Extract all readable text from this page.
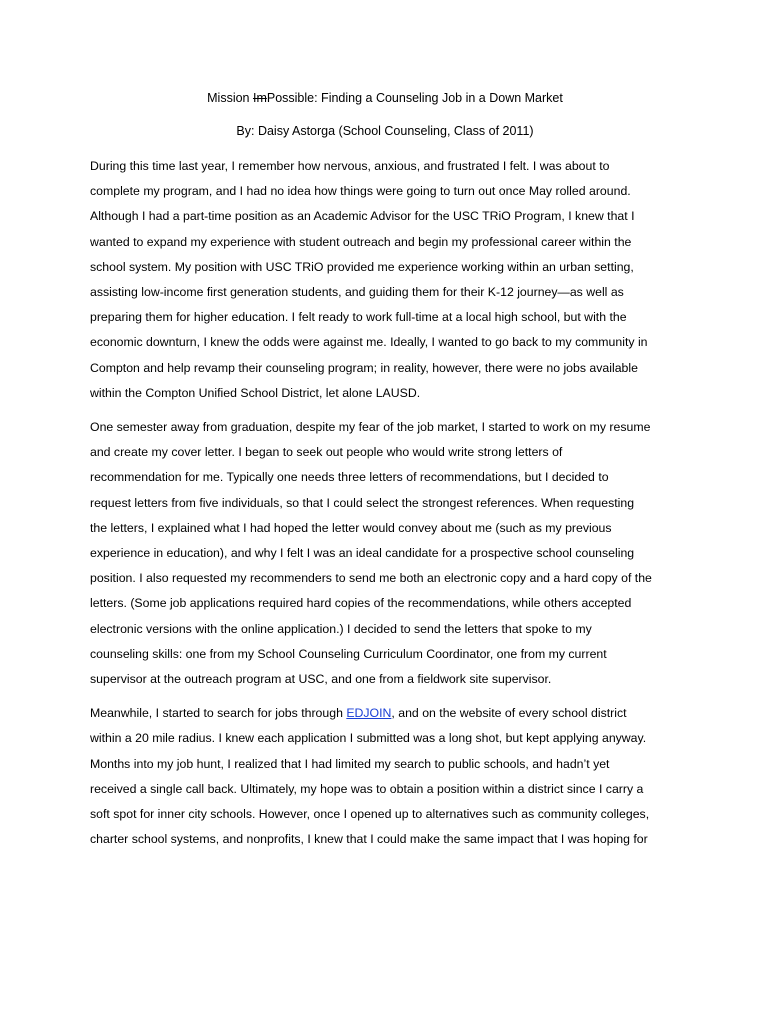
Mission ImPossible: Finding a Counseling Job in a Down Market
By: Daisy Astorga (School Counseling, Class of 2011)
During this time last year, I remember how nervous, anxious, and frustrated I felt. I was about to
complete my program, and I had no idea how things were going to turn out once May rolled around.
Although I had a part-time position as an Academic Advisor for the USC TRiO Program, I knew that I
wanted to expand my experience with student outreach and begin my professional career within the
school system. My position with USC TRiO provided me experience working within an urban setting,
assisting low-income first generation students, and guiding them for their K-12 journey—as well as
preparing them for higher education. I felt ready to work full-time at a local high school, but with the
economic downturn, I knew the odds were against me. Ideally, I wanted to go back to my community in
Compton and help revamp their counseling program; in reality, however, there were no jobs available
within the Compton Unified School District, let alone LAUSD.
One semester away from graduation, despite my fear of the job market, I started to work on my resume
and create my cover letter. I began to seek out people who would write strong letters of
recommendation for me. Typically one needs three letters of recommendations, but I decided to
request letters from five individuals, so that I could select the strongest references. When requesting
the letters, I explained what I had hoped the letter would convey about me (such as my previous
experience in education), and why I felt I was an ideal candidate for a prospective school counseling
position. I also requested my recommenders to send me both an electronic copy and a hard copy of the
letters. (Some job applications required hard copies of the recommendations, while others accepted
electronic versions with the online application.) I decided to send the letters that spoke to my
counseling skills: one from my School Counseling Curriculum Coordinator, one from my current
supervisor at the outreach program at USC, and one from a fieldwork site supervisor.
Meanwhile, I started to search for jobs through EDJOIN, and on the website of every school district
within a 20 mile radius. I knew each application I submitted was a long shot, but kept applying anyway.
Months into my job hunt, I realized that I had limited my search to public schools, and hadn’t yet
received a single call back. Ultimately, my hope was to obtain a position within a district since I carry a
soft spot for inner city schools. However, once I opened up to alternatives such as community colleges,
charter school systems, and nonprofits, I knew that I could make the same impact that I was hoping for
